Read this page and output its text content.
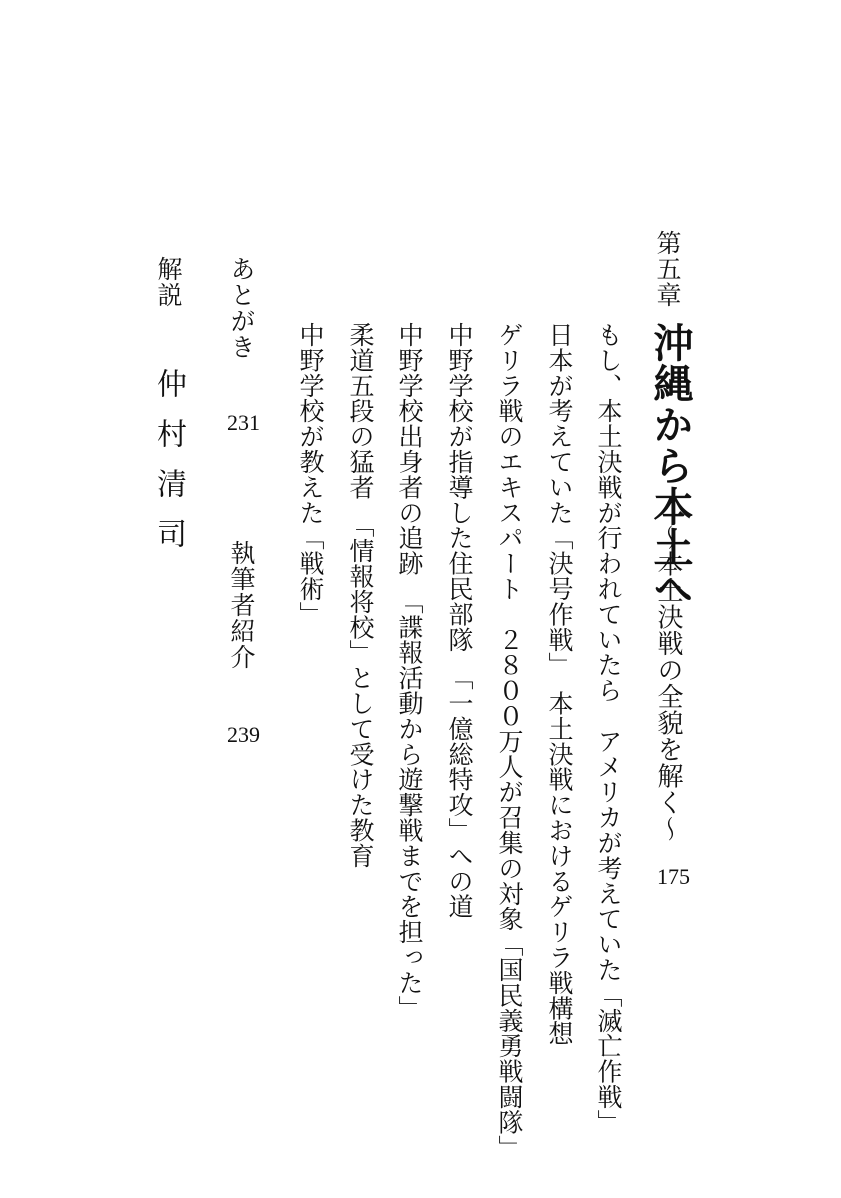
第五章
沖縄から本土へ
～本土決戦の全貌を解く～
175
もし、本土決戦が行われていたら　アメリカが考えていた「滅亡作戦」
日本が考えていた「決号作戦」　本土決戦におけるゲリラ戦構想
ゲリラ戦のエキスパート　２８００万人が召集の対象「国民義勇戦闘隊」
中野学校が指導した住民部隊　「一億総特攻」への道
中野学校出身者の追跡　「諜報活動から遊撃戦までを担った」
柔道五段の猛者　「情報将校」として受けた教育
中野学校が教えた「戦術」
あとがき
231
執筆者紹介
239
解説
仲村清司
